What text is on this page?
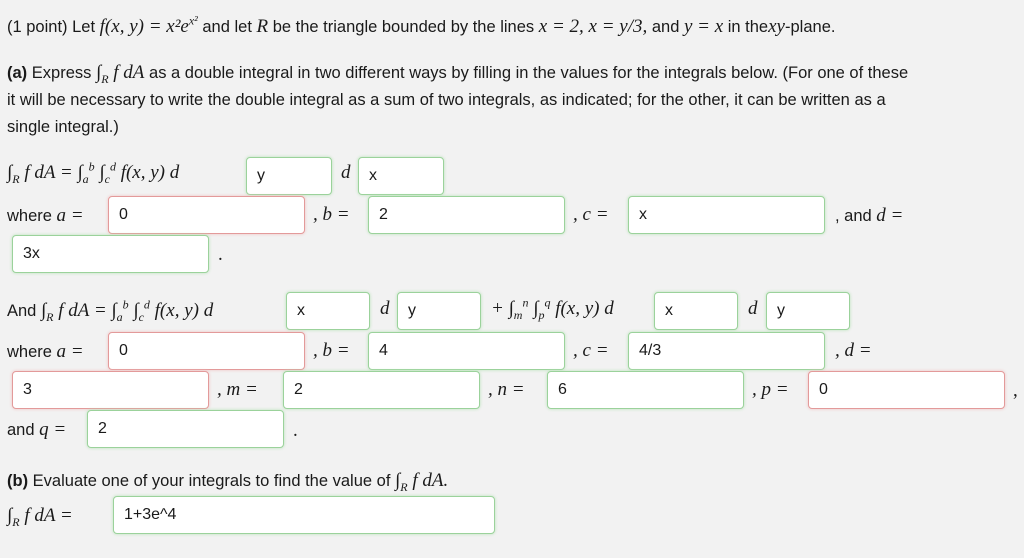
(1 point) Let f(x, $y) = x^2e^{x^2}$ and let R be the triangle bounded by the lines x = 2, x = y/3, and y = x in thexy-plane.
(a) Express $\int_R$ f dA as a double integral in two different ways by filling in the values for the integrals below. (For one of these
it will be necessary to write the double integral as a sum of two integrals, as indicated; for the other, it can be written as a
single integral.)
$\int_R$ f dA = $\int_a^b$ $\int_c^d$ f(x, y) d	y	d	x
where a =	0	, b =	2	, c =	x	, and d =
3x	.
And $\int_R$ f dA = $\int_a^b$ $\int_c^d$ f(x, y) d	x	d	y	+ $\int_m^n$ $\int_p^q$ f(x, y) d	x	d	y
where a =	0	, b =	4	, c =	4/3	, d =
3	, m =	2	, n =	6	, p =	0	,
and q =	2	.
(b) Evaluate one of your integrals to find the value of $\int_R$ f dA.
$\int_R$ f dA =	1+3e^4
